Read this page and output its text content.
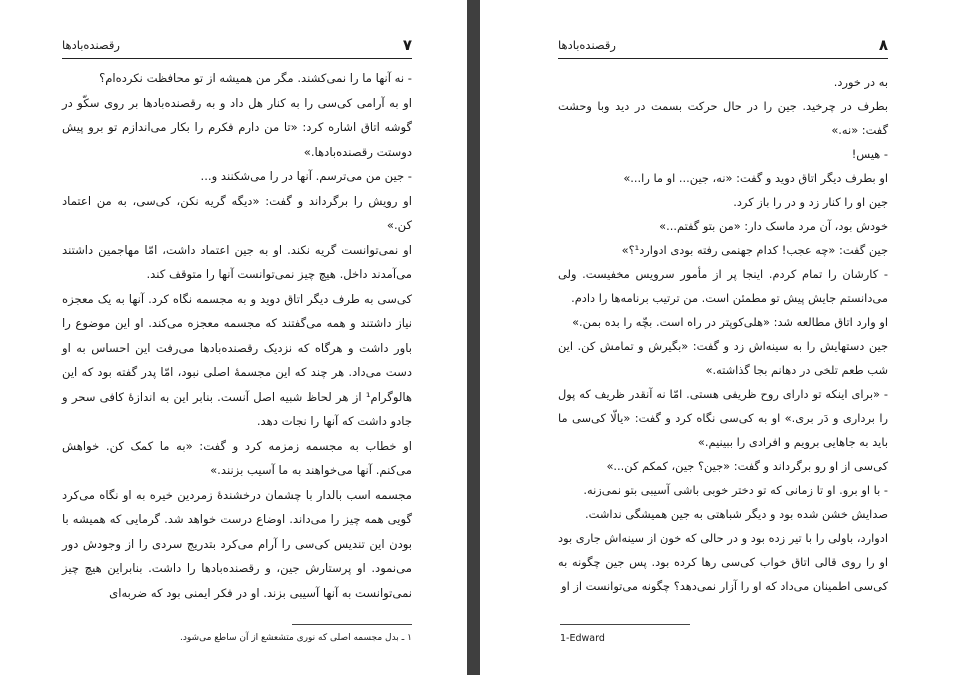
۷
رقصنده‌بادها

- نه آنها ما را نمی‌کشند. مگر من همیشه از تو محافظت نکرده‌ام؟

او به آرامی کی‌سی را به کنار هل داد و به رقصنده‌بادها بر روی سکّو در گوشه اتاق اشاره کرد: «تا من دارم فکرم را بکار می‌اندازم تو برو پیش دوستت رقصنده‌بادها.»

- جین من می‌ترسم. آنها در را می‌شکنند و...

او رویش را برگرداند و گفت: «دیگه گریه نکن، کی‌سی، به من اعتماد کن.»

او نمی‌توانست گریه نکند. او به جین اعتماد داشت، امّا مهاجمین داشتند می‌آمدند داخل. هیچ چیز نمی‌توانست آنها را متوقف کند.

کی‌سی به طرف دیگر اتاق دوید و به مجسمه نگاه کرد. آنها به یک معجزه نیاز داشتند و همه می‌گفتند که مجسمه معجزه می‌کند. او این موضوع را باور داشت و هرگاه که نزدیک رقصنده‌بادها می‌رفت این احساس به او دست می‌داد. هر چند که این مجسمهٔ اصلی نبود، امّا پدر گفته بود که این هالوگرام¹ از هر لحاظ شبیه اصل آنست. بنابر این به اندازهٔ کافی سحر و جادو داشت که آنها را نجات دهد.

او خطاب به مجسمه زمزمه کرد و گفت: «به ما کمک کن. خواهش می‌کنم. آنها می‌خواهند به ما آسیب بزنند.»

مجسمه اسب بالدار با چشمان درخشندهٔ زمردین خیره به او نگاه می‌کرد گویی همه چیز را می‌داند. اوضاع درست خواهد شد. گرمایی که همیشه با بودن این تندیس کی‌سی را آرام می‌کرد بتدریج سردی را از وجودش دور می‌نمود. او پرستارش جین، و رقصنده‌بادها را داشت. بنابراین هیچ چیز نمی‌توانست به آنها آسیبی بزند. او در فکر ایمنی بود که ضربه‌ای

۱ ـ بدل مجسمه اصلی که نوری متشعشع از آن ساطع می‌شود.
۸
رقصنده‌بادها

به در خورد.

بطرف در چرخید. جین را در حال حرکت بسمت در دید وبا وحشت گفت: «نه.»

- هیس!

او بطرف دیگر اتاق دوید و گفت: «نه، جین... او ما را...»

جین او را کنار زد و در را باز کرد.

خودش بود، آن مرد ماسک دار: «من بتو گفتم...»

جین گفت: «چه عجب! کدام جهنمی رفته بودی ادوارد¹؟»

- کارشان را تمام کردم. اینجا پر از مأمور سرویس مخفیست. ولی می‌دانستم جایش پیش تو مطمئن است. من ترتیب برنامه‌ها را دادم.

او وارد اتاق مطالعه شد: «هلی‌کوپتر در راه است. بچّه را بده بمن.»

جین دستهایش را به سینه‌اش زد و گفت: «بگیرش و تمامش کن. این شب طعم تلخی در دهانم بجا گذاشته.»

- «برای اینکه تو دارای روح ظریفی هستی. امّا نه آنقدر ظریف که پول را برداری و دَر بری.» او به کی‌سی نگاه کرد و گفت: «یالّا کی‌سی ما باید به جاهایی برویم و افرادی را ببینیم.»

کی‌سی از او رو برگرداند و گفت: «جین؟ جین، کمکم کن...»

- با او برو. او تا زمانی که تو دختر خوبی باشی آسیبی بتو نمی‌زنه.

صدایش خشن شده بود و دیگر شباهتی به جین همیشگی نداشت.

ادوارد، باولی را با تیر زده بود و در حالی که خون از سینه‌اش جاری بود او را روی قالی اتاق خواب کی‌سی رها کرده بود. پس جین چگونه به کی‌سی اطمینان می‌داد که او را آزار نمی‌دهد؟ چگونه می‌توانست از او

1-Edward
